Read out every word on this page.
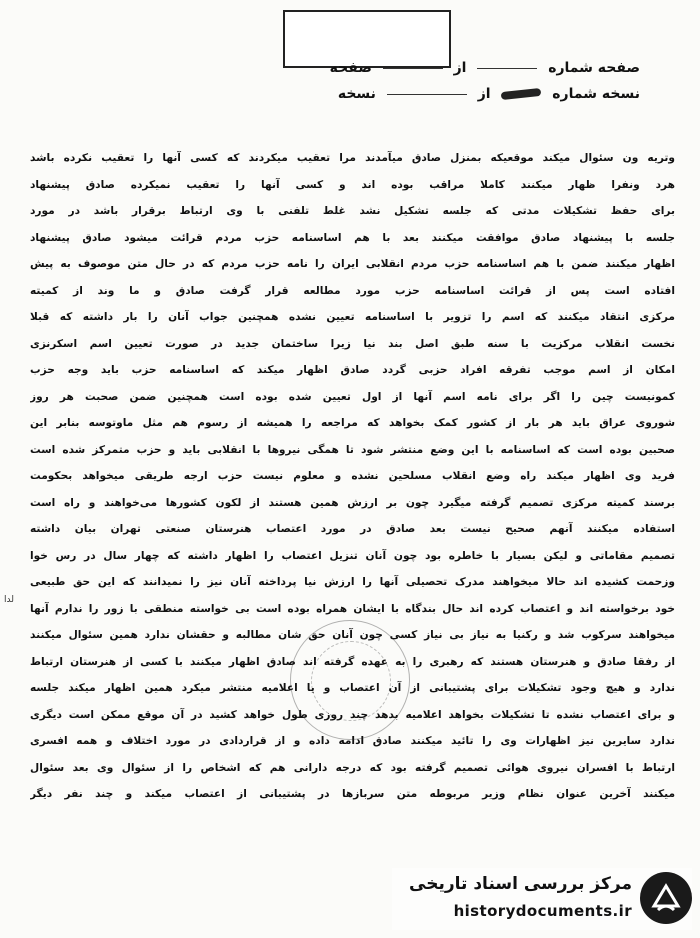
صفحه شماره  از  صفحه
نسخه شماره  از  نسخه
وتریه ون سئوال میکند موقعیکه بمنزل صادق میآمدند مرا تعقیب میکردند که کسی آنها را تعقیب نکرده باشد
هرد ونفرا ظهار میکنند کاملا مراقب بوده اند و کسی آنها را تعقیب نمیکرده صادق پیشنهاد
برای حفظ تشکیلات مدتی که جلسه تشکیل نشد غلط تلفنی با وی ارتباط برقرار باشد در مورد
جلسه با پیشنهاد صادق موافقت میکنند بعد با هم اساسنامه حزب مردم قرائت میشود صادق پیشنهاد
اظهار میکنند ضمن با هم اساسنامه حزب مردم انقلابی ایران را نامه حزب مردم که در حال متن موصوف به پیش
افتاده است پس از قرائت اساسنامه حزب مورد مطالعه قرار گرفت صادق و ما وند از کمیته
مرکزی انتقاد میکنند که اسم را تزویر با اساسنامه تعیین نشده همچنین جواب آنان را بار داشته که قبلا
نخست انقلاب مرکزیت با سنه طبق اصل بند نیا زیرا ساختمان جدید در صورت تعیین اسم اسکرنزی
امکان از اسم موجب تفرقه افراد حزبی گردد صادق اظهار میکند که اساسنامه حزب باید وجه حزب
کمونیست چین را اگر برای نامه اسم آنها از اول تعیین شده بوده است همچنین ضمن صحبت هر روز
شوروی عراق باید هر بار از کشور کمک بخواهد که مراجعه را همیشه از رسوم هم مثل ماوتوسه بنابر این
صحبین بوده است که اساسنامه با این وضع منتشر شود تا همگی نیروها با انقلابی باید و حزب متمرکز شده است
فرید وی اظهار میکند راه وضع انقلاب مسلحین نشده و معلوم نیست حزب ارجه طریقی میخواهد بحکومت
برسند کمیته مرکزی تصمیم گرفته میگیرد چون بر ارزش همین هستند از لکون کشورها می‌خواهند و راه است
استفاده میکنند آنهم صحیح نیست بعد صادق در مورد اعتصاب هنرستان صنعتی تهران بیان داشته
تصمیم مقاماتی و لیکن بسیار با خاطره بود چون آنان تنزیل اعتصاب را اظهار داشته که چهار سال در رس خوا
وزحمت کشیده اند حالا میخواهند مدرک تحصیلی آنها را ارزش نیا پرداخته آنان نیز را نمیدانند که این حق طبیعی
خود برخواسته اند و اعتصاب کرده اند حال بندگاه با ایشان همراه بوده است بی خواسته منطقی با زور را ندارم آنها
میخواهند سرکوب شد و رکنیا به نیاز بی نیاز کسی چون آنان حق شان مطالبه و حقشان ندارد همین سئوال میکنند
از رفقا صادق و هنرستان هستند که رهبری را به عهده گرفته اند صادق اظهار میکنند با کسی از هنرستان ارتباط
ندارد و هیچ وجود تشکیلات برای پشتیبانی از آن اعتصاب و یا اعلامیه منتشر میکرد همین اظهار میکند جلسه
و برای اعتصاب نشده تا تشکیلات بخواهد اعلامیه بدهد چند روزی طول خواهد کشید در آن موقع ممکن است دیگری
ندارد سایرین نیز اظهارات وی را تائید میکنند صادق ادامه داده و از قراردادی در مورد اختلاف و همه افسری
ارتباط با افسران نیروی هوائی تصمیم گرفته بود که درجه دارانی هم که اشخاص را از سئوال وی بعد سئوال
میکنند آخرین عنوان نظام وزیر مربوطه متن سربازها در پشتیبانی از اعتصاب میکند و چند نفر دیگر
لدا
مرکز بررسی اسناد تاریخی
historydocuments.ir
